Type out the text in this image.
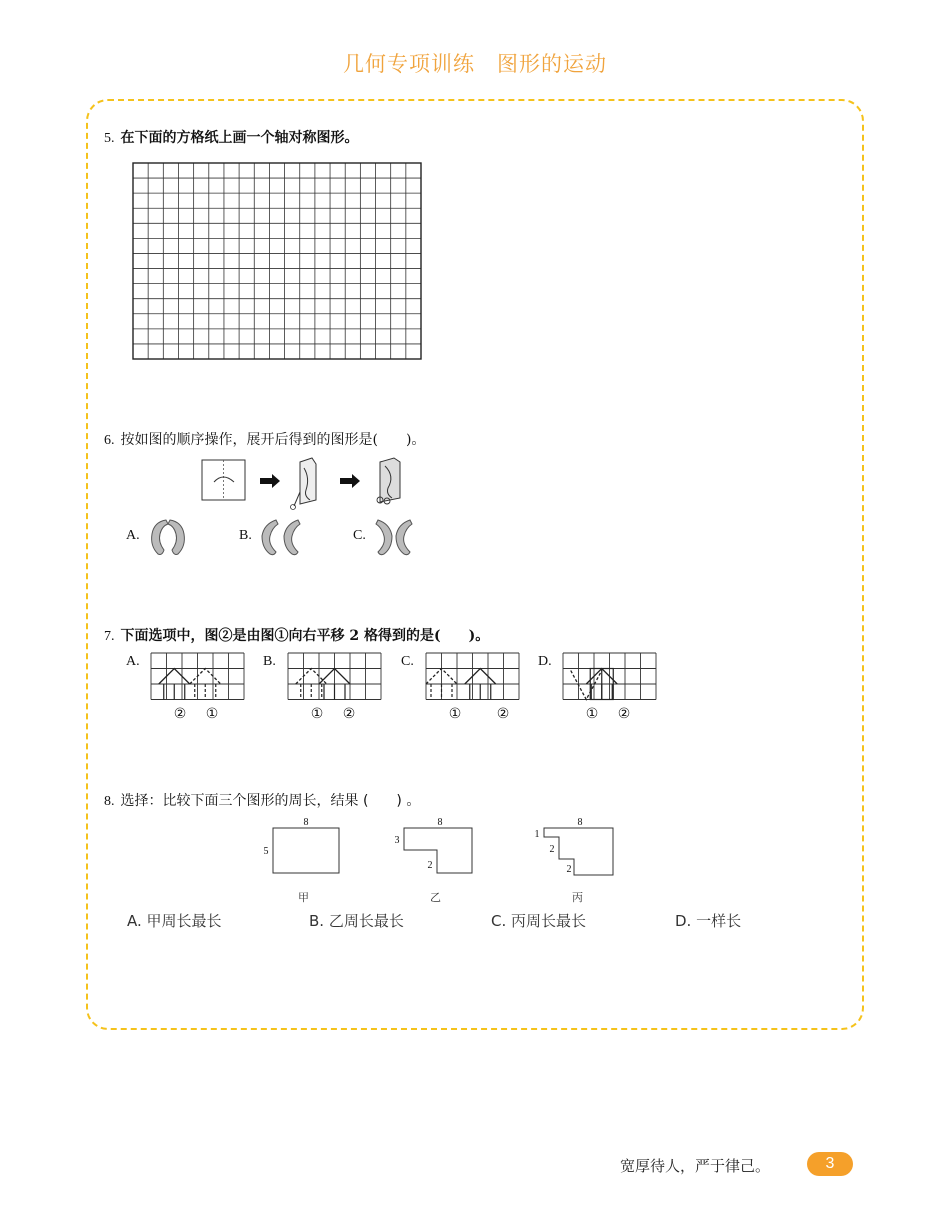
几何专项训练 图形的运动
5. 在下面的方格纸上画一个轴对称图形。
6. 按如图的顺序操作，展开后得到的图形是(　　)。
A.	B.	C.
7. 下面选项中，图②是由图①向右平移 2 格得到的是(　　)。
A.
② ①
B.
① ②
C.
①	②
D.
① ②
8. 选择：比较下面三个图形的周长，结果 (　　) 。
8
5
甲
8
3
2
乙
8
1
2
2
丙
A. 甲周长最长	B. 乙周长最长	C. 丙周长最长	D. 一样长
宽厚待人，严于律己。	3
